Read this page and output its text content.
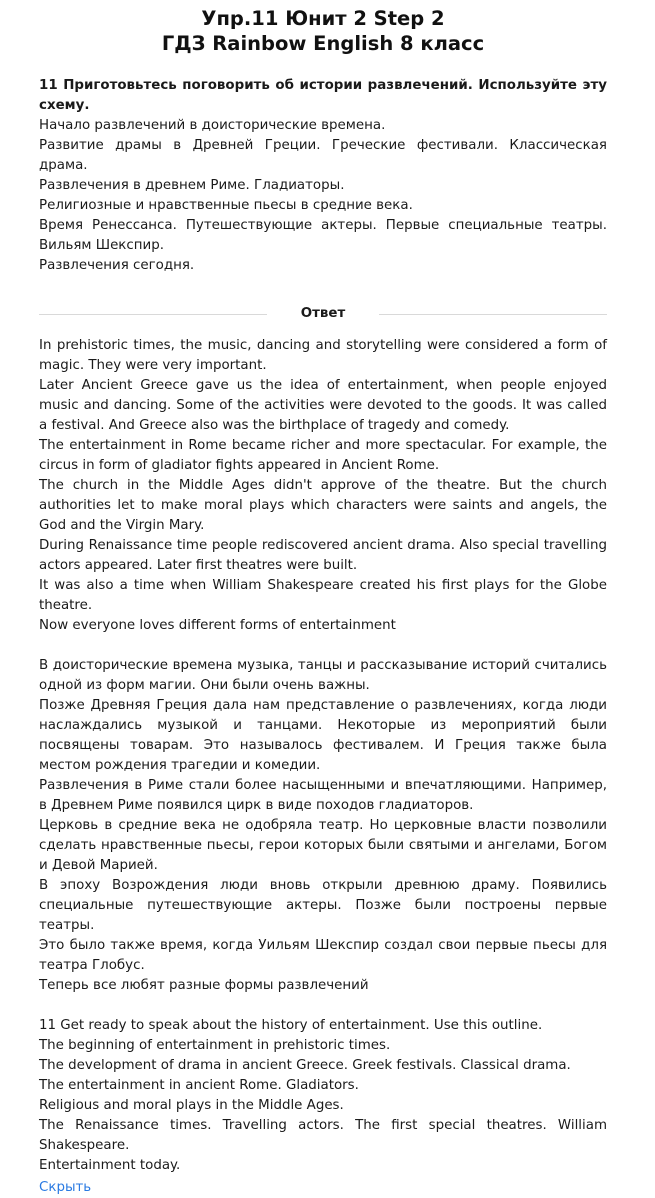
Упр.11 Юнит 2 Step 2
ГДЗ Rainbow English 8 класс

11 Приготовьтесь поговорить об истории развлечений. Используйте эту схему.

Начало развлечений в доисторические времена.

Развитие драмы в Древней Греции. Греческие фестивали. Классическая драма.

Развлечения в древнем Риме. Гладиаторы.

Религиозные и нравственные пьесы в средние века.

Время Ренессанса. Путешествующие актеры. Первые специальные театры. Вильям Шекспир.

Развлечения сегодня.

Ответ

In prehistoric times, the music, dancing and storytelling were considered a form of magic. They were very important.

Later Ancient Greece gave us the idea of entertainment, when people enjoyed music and dancing. Some of the activities were devoted to the goods. It was called a festival. And Greece also was the birthplace of tragedy and comedy.

The entertainment in Rome became richer and more spectacular. For example, the circus in form of gladiator fights appeared in Ancient Rome.

The church in the Middle Ages didn't approve of the theatre. But the church authorities let to make moral plays which characters were saints and angels, the God and the Virgin Mary.

During Renaissance time people rediscovered ancient drama. Also special travelling actors appeared. Later first theatres were built.

It was also a time when William Shakespeare created his first plays for the Globe theatre.

Now everyone loves different forms of entertainment

В доисторические времена музыка, танцы и рассказывание историй считались одной из форм магии. Они были очень важны.

Позже Древняя Греция дала нам представление о развлечениях, когда люди наслаждались музыкой и танцами. Некоторые из мероприятий были посвящены товарам. Это называлось фестивалем. И Греция также была местом рождения трагедии и комедии.

Развлечения в Риме стали более насыщенными и впечатляющими. Например, в Древнем Риме появился цирк в виде походов гладиаторов.

Церковь в средние века не одобряла театр. Но церковные власти позволили сделать нравственные пьесы, герои которых были святыми и ангелами, Богом и Девой Марией.

В эпоху Возрождения люди вновь открыли древнюю драму. Появились специальные путешествующие актеры. Позже были построены первые театры.

Это было также время, когда Уильям Шекспир создал свои первые пьесы для театра Глобус.

Теперь все любят разные формы развлечений

11 Get ready to speak about the history of entertainment. Use this outline.

The beginning of entertainment in prehistoric times.

The development of drama in ancient Greece. Greek festivals. Classical drama.

The entertainment in ancient Rome. Gladiators.

Religious and moral plays in the Middle Ages.

The Renaissance times. Travelling actors. The first special theatres. William Shakespeare.

Entertainment today.

Скрыть
